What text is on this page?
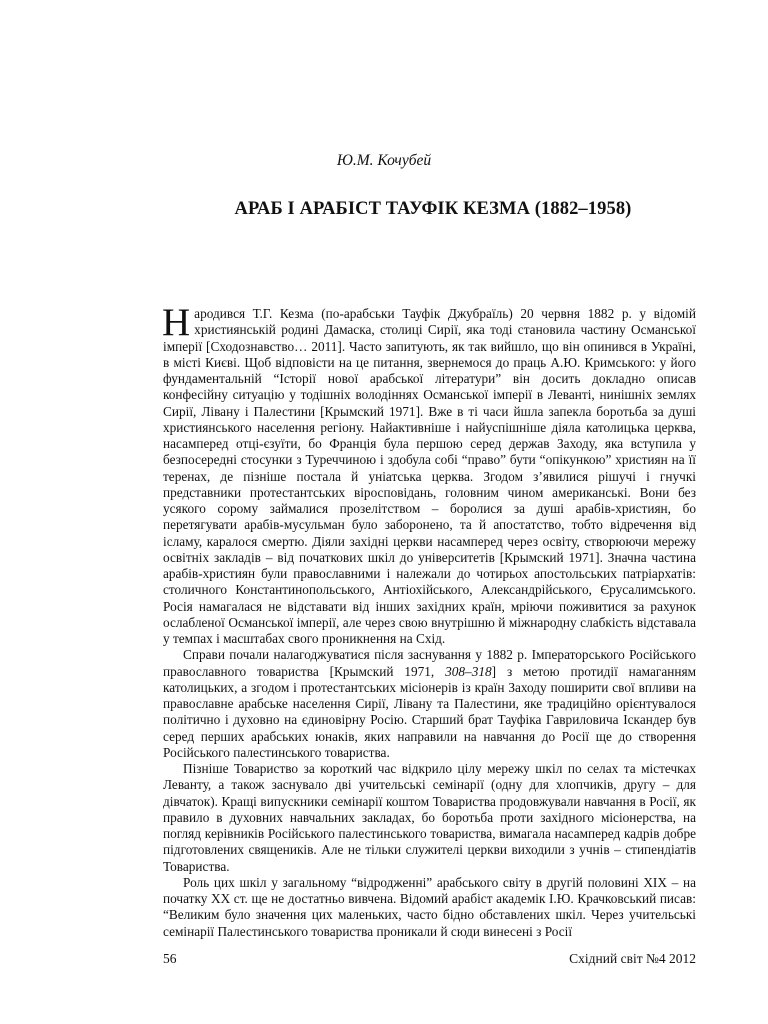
Ю.М. Кочубей
АРАБ І АРАБІСТ ТАУФІК КЕЗМА (1882–1958)

Народився Т.Г. Кезма (по-арабськи Тауфік Джубраїль) 20 червня 1882 р. у відомій християнській родині Дамаска, столиці Сирії, яка тоді становила частину Османської імперії [Сходознавство… 2011]. Часто запитують, як так вийшло, що він опинився в Україні, в місті Києві. Щоб відповісти на це питання, звернемося до праць А.Ю. Кримського: у його фундаментальній “Історії нової арабської літератури” він досить докладно описав конфесійну ситуацію у тодішніх володіннях Османської імперії в Леванті, нинішніх землях Сирії, Лівану і Палестини [Крымский 1971]. Вже в ті часи йшла запекла боротьба за душі християнського населення регіону. Найактивніше і найуспішніше діяла католицька церква, насамперед отці-єзуїти, бо Франція була першою серед держав Заходу, яка вступила у безпосередні стосунки з Туреччиною і здобула собі “право” бути “опікункою” християн на її теренах, де пізніше постала й уніатська церква. Згодом з’явилися рішучі і гнучкі представники протестантських віросповідань, головним чином американські. Вони без усякого сорому займалися прозелітством – боролися за душі арабів-християн, бо перетягувати арабів-мусульман було заборонено, та й апостатство, тобто відречення від ісламу, каралося смертю. Діяли західні церкви насамперед через освіту, створюючи мережу освітніх закладів – від початкових шкіл до університетів [Крымский 1971]. Значна частина арабів-християн були православними і належали до чотирьох апостольських патріархатів: столичного Константинопольського, Антіохійського, Александрійського, Єрусалимського. Росія намагалася не відставати від інших західних країн, мріючи поживитися за рахунок ослабленої Османської імперії, але через свою внутрішню й міжнародну слабкість відставала у темпах і масштабах свого проникнення на Схід.

Справи почали налагоджуватися після заснування у 1882 р. Імператорського Російського православного товариства [Крымский 1971, 308–318] з метою протидії намаганням католицьких, а згодом і протестантських місіонерів із країн Заходу поширити свої впливи на православне арабське населення Сирії, Лівану та Палестини, яке традиційно орієнтувалося політично і духовно на єдиновірну Росію. Старший брат Тауфіка Гавриловича Іскандер був серед перших арабських юнаків, яких направили на навчання до Росії ще до створення Російського палестинського товариства.

Пізніше Товариство за короткий час відкрило цілу мережу шкіл по селах та містечках Леванту, а також заснувало дві учительські семінарії (одну для хлопчиків, другу – для дівчаток). Кращі випускники семінарії коштом Товариства продовжували навчання в Росії, як правило в духовних навчальних закладах, бо боротьба проти західного місіонерства, на погляд керівників Російського палестинського товариства, вимагала насамперед кадрів добре підготовлених священиків. Але не тільки служителі церкви виходили з учнів – стипендіатів Товариства.

Роль цих шкіл у загальному “відродженні” арабського світу в другій половині XIX – на початку XX ст. ще не достатньо вивчена. Відомий арабіст академік І.Ю. Крачковський писав: “Великим було значення цих маленьких, часто бідно обставлених шкіл. Через учительські семінарії Палестинського товариства проникали й сюди винесені з Росії

56	Східний світ №4 2012
